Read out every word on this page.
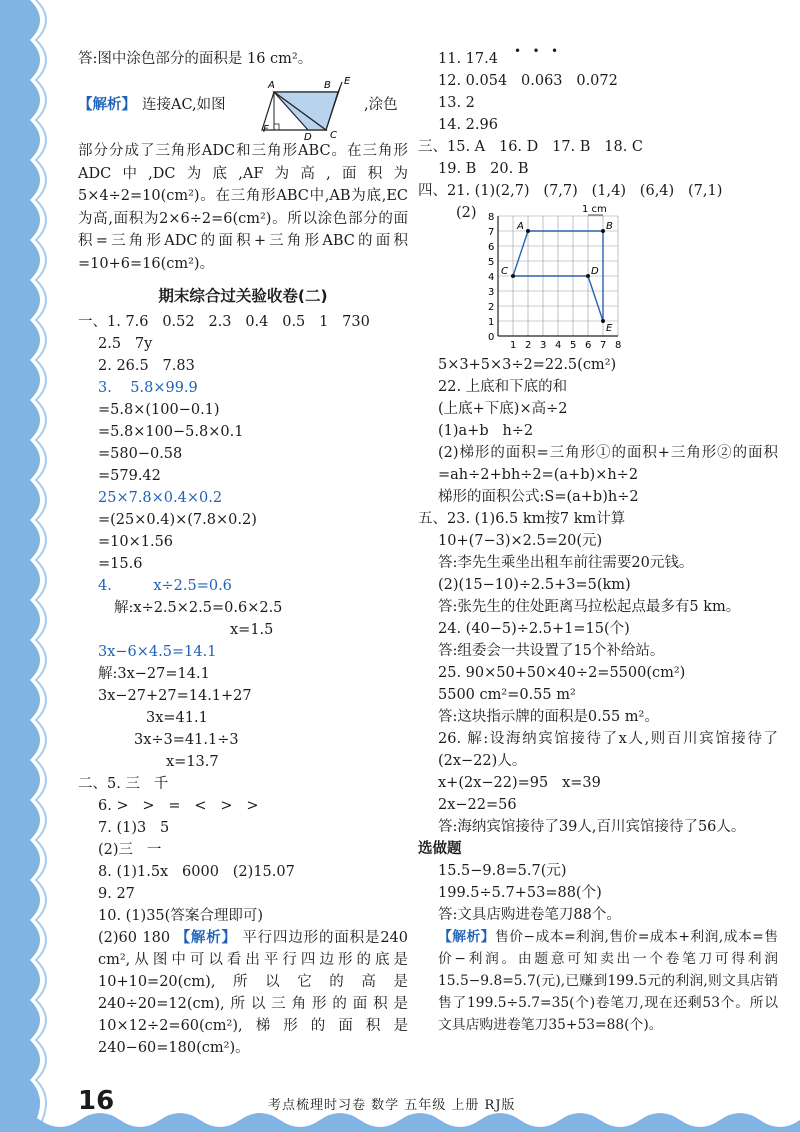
答:图中涂色部分的面积是 16 cm²。
【解析】 连接AC,如图
A	B E
F
D C
,涂色
部分分成了三角形ADC和三角形ABC。在三角形ADC中,DC为底,AF为高,面积为5×4÷2=10(cm²)。在三角形ABC中,AB为底,EC为高,面积为2×6÷2=6(cm²)。所以涂色部分的面积=三角形ADC的面积+三角形ABC的面积=10+6=16(cm²)。
期末综合过关验收卷(二)
一、1. 7.6   0.52   2.3   0.4   0.5   1   730
2.5   7y
2. 26.5   7.83
3.    5.8×99.9
=5.8×(100−0.1)
=5.8×100−5.8×0.1
=580−0.58
=579.42
25×7.8×0.4×0.2
=(25×0.4)×(7.8×0.2)
=10×1.56
=15.6
4.         x÷2.5=0.6
解:x÷2.5×2.5=0.6×2.5
x=1.5
3x−6×4.5=14.1
解:3x−27=14.1
3x−27+27=14.1+27
3x=41.1
3x÷3=41.1÷3
x=13.7
二、5. 三   千
6. >   >   =   <   >   >
7. (1)3   5
(2)三   一
8. (1)1.5x   6000   (2)15.07
9. 27
10. (1)35(答案合理即可)
(2)60 180 【解析】 平行四边形的面积是240 cm²,从图中可以看出平行四边形的底是10+10=20(cm),所以它的高是240÷20=12(cm),所以三角形的面积是10×12÷2=60(cm²),梯形的面积是240−60=180(cm²)。
11. 17.4 •   •   •
12. 0.054   0.063   0.072
13. 2
14. 2.96
三、15. A   16. D   17. B   18. C
19. B   20. B
四、21. (1)(2,7)   (7,7)   (1,4)   (6,4)   (7,1)
(2) 8
7
6
5
4
3
2
1
0
1 2 3 4 5 6 7 8
1 cm
A	B
C	D
E
5×3+5×3÷2=22.5(cm²)
22. 上底和下底的和
(上底+下底)×高÷2
(1)a+b   h÷2
(2)梯形的面积=三角形①的面积+三角形②的面积=ah÷2+bh÷2=(a+b)×h÷2
梯形的面积公式:S=(a+b)h÷2
五、23. (1)6.5 km按7 km计算
10+(7−3)×2.5=20(元)
答:李先生乘坐出租车前往需要20元钱。
(2)(15−10)÷2.5+3=5(km)
答:张先生的住处距离马拉松起点最多有5 km。
24. (40−5)÷2.5+1=15(个)
答:组委会一共设置了15个补给站。
25. 90×50+50×40÷2=5500(cm²)
5500 cm²=0.55 m²
答:这块指示牌的面积是0.55 m²。
26. 解:设海纳宾馆接待了x人,则百川宾馆接待了(2x−22)人。
x+(2x−22)=95   x=39
2x−22=56
答:海纳宾馆接待了39人,百川宾馆接待了56人。
选做题
15.5−9.8=5.7(元)
199.5÷5.7+53=88(个)
答:文具店购进卷笔刀88个。
【解析】售价−成本=利润,售价=成本+利润,成本=售价−利润。由题意可知卖出一个卷笔刀可得利润15.5−9.8=5.7(元),已赚到199.5元的利润,则文具店销售了199.5÷5.7=35(个)卷笔刀,现在还剩53个。所以文具店购进卷笔刀35+53=88(个)。
16	考点梳理时习卷 数学 五年级 上册 RJ版
